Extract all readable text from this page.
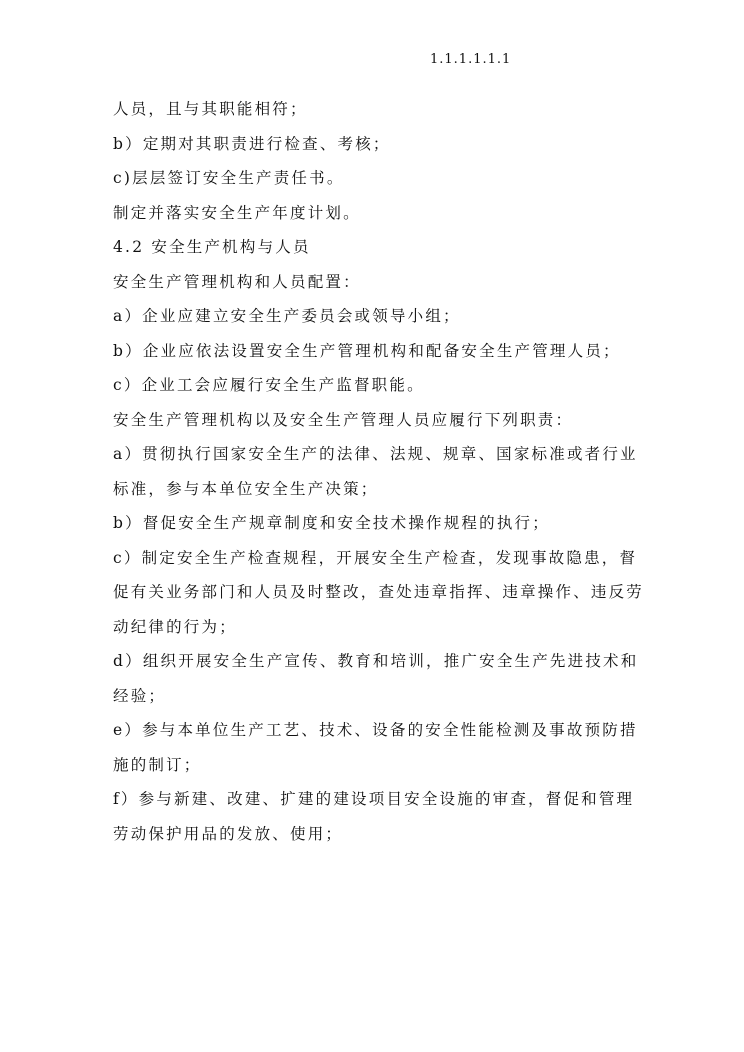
1.1.1.1.1.1

人员，且与其职能相符；

b）定期对其职责进行检查、考核；

c)层层签订安全生产责任书。

制定并落实安全生产年度计划。

4.2 安全生产机构与人员

安全生产管理机构和人员配置：

a）企业应建立安全生产委员会或领导小组；

b）企业应依法设置安全生产管理机构和配备安全生产管理人员；

c）企业工会应履行安全生产监督职能。

安全生产管理机构以及安全生产管理人员应履行下列职责：

a）贯彻执行国家安全生产的法律、法规、规章、国家标准或者行业

标准，参与本单位安全生产决策；

b）督促安全生产规章制度和安全技术操作规程的执行；

c）制定安全生产检查规程，开展安全生产检查，发现事故隐患，督

促有关业务部门和人员及时整改，查处违章指挥、违章操作、违反劳

动纪律的行为；

d）组织开展安全生产宣传、教育和培训，推广安全生产先进技术和

经验；

e）参与本单位生产工艺、技术、设备的安全性能检测及事故预防措

施的制订；

f）参与新建、改建、扩建的建设项目安全设施的审查，督促和管理

劳动保护用品的发放、使用；
